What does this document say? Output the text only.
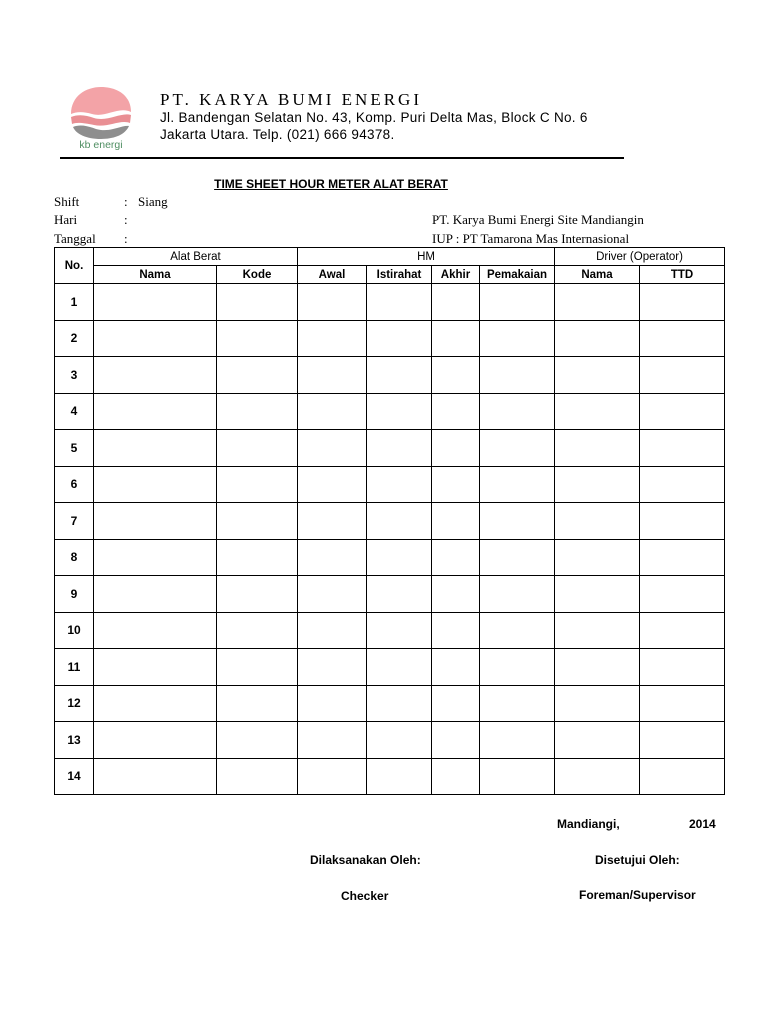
kb energi
PT. KARYA BUMI ENERGI
Jl. Bandengan Selatan No. 43, Komp. Puri Delta Mas, Block C No. 6
Jakarta Utara. Telp. (021) 666 94378.
TIME SHEET HOUR METER ALAT BERAT
Shift	: Siang
Hari	:	PT. Karya Bumi Energi Site Mandiangin
Tanggal :	IUP : PT Tamarona Mas Internasional
No.	Alat Berat		HM				Driver (Operator)	
	Nama	Kode	Awal	Istirahat	Akhir	Pemakaian	Nama	TTD
1								
2								
3								
4								
5								
6								
7								
8								
9								
10								
11								
12								
13								
14								
Mandiangi,	2014
Dilaksanakan Oleh:	Disetujui Oleh:
Checker	Foreman/Supervisor
